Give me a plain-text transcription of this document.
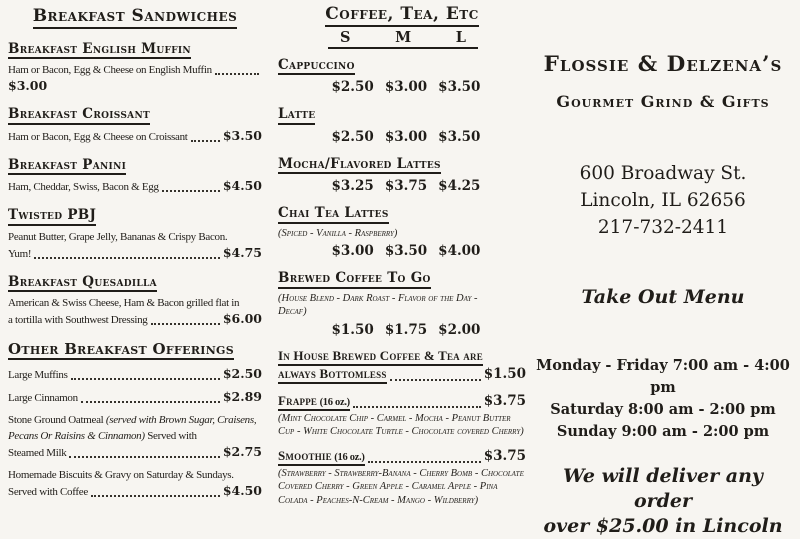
Breakfast Sandwiches
Breakfast English Muffin
Ham or Bacon, Egg & Cheese on English Muffin
$3.00
Breakfast Croissant
Ham or Bacon, Egg & Cheese on Croissant	$3.50
Breakfast Panini
Ham, Cheddar, Swiss, Bacon & Egg	$4.50
Twisted PBJ
Peanut Butter, Grape Jelly, Bananas & Crispy Bacon.
Yum!	$4.75
Breakfast Quesadilla
American & Swiss Cheese, Ham & Bacon grilled flat in
a tortilla with Southwest Dressing	$6.00
Other Breakfast Offerings
Large Muffins	$2.50
Large Cinnamon	$2.89
Stone Ground Oatmeal (served with Brown Sugar, Craisens, Pecans Or Raisins & Cinnamon) Served with
Steamed Milk	$2.75
Homemade Biscuits & Gravy on Saturday & Sundays.
Served with Coffee	$4.50
Coffee, Tea, Etc
S	M	L
Cappuccino
$2.50 $3.00 $3.50
Latte
$2.50 $3.00 $3.50
Mocha/Flavored Lattes
$3.25 $3.75 $4.25
Chai Tea Lattes
(Spiced - Vanilla - Raspberry)
$3.00 $3.50 $4.00
Brewed Coffee To Go
(House Blend - Dark Roast - Flavor of the Day - Decaf)
$1.50 $1.75 $2.00
In House Brewed Coffee & Tea are
always Bottomless	$1.50
Frappe (16 oz.)	$3.75
(Mint Chocolate Chip - Carmel - Mocha - Peanut Butter Cup - White Chocolate Turtle - Chocolate covered Cherry)
Smoothie (16 oz.)	$3.75
(Strawberry - Strawberry-Banana - Cherry Bomb - Chocolate Covered Cherry - Green Apple - Caramel Apple - Pina Colada - Peaches-N-Cream - Mango - Wildberry)
Flossie & Delzena’s
Gourmet Grind & Gifts
600 Broadway St.
Lincoln, IL 62656
217-732-2411
Take Out Menu
Monday - Friday 7:00 am - 4:00 pm
Saturday 8:00 am - 2:00 pm
Sunday 9:00 am - 2:00 pm
We will deliver any order
over $25.00 in Lincoln
